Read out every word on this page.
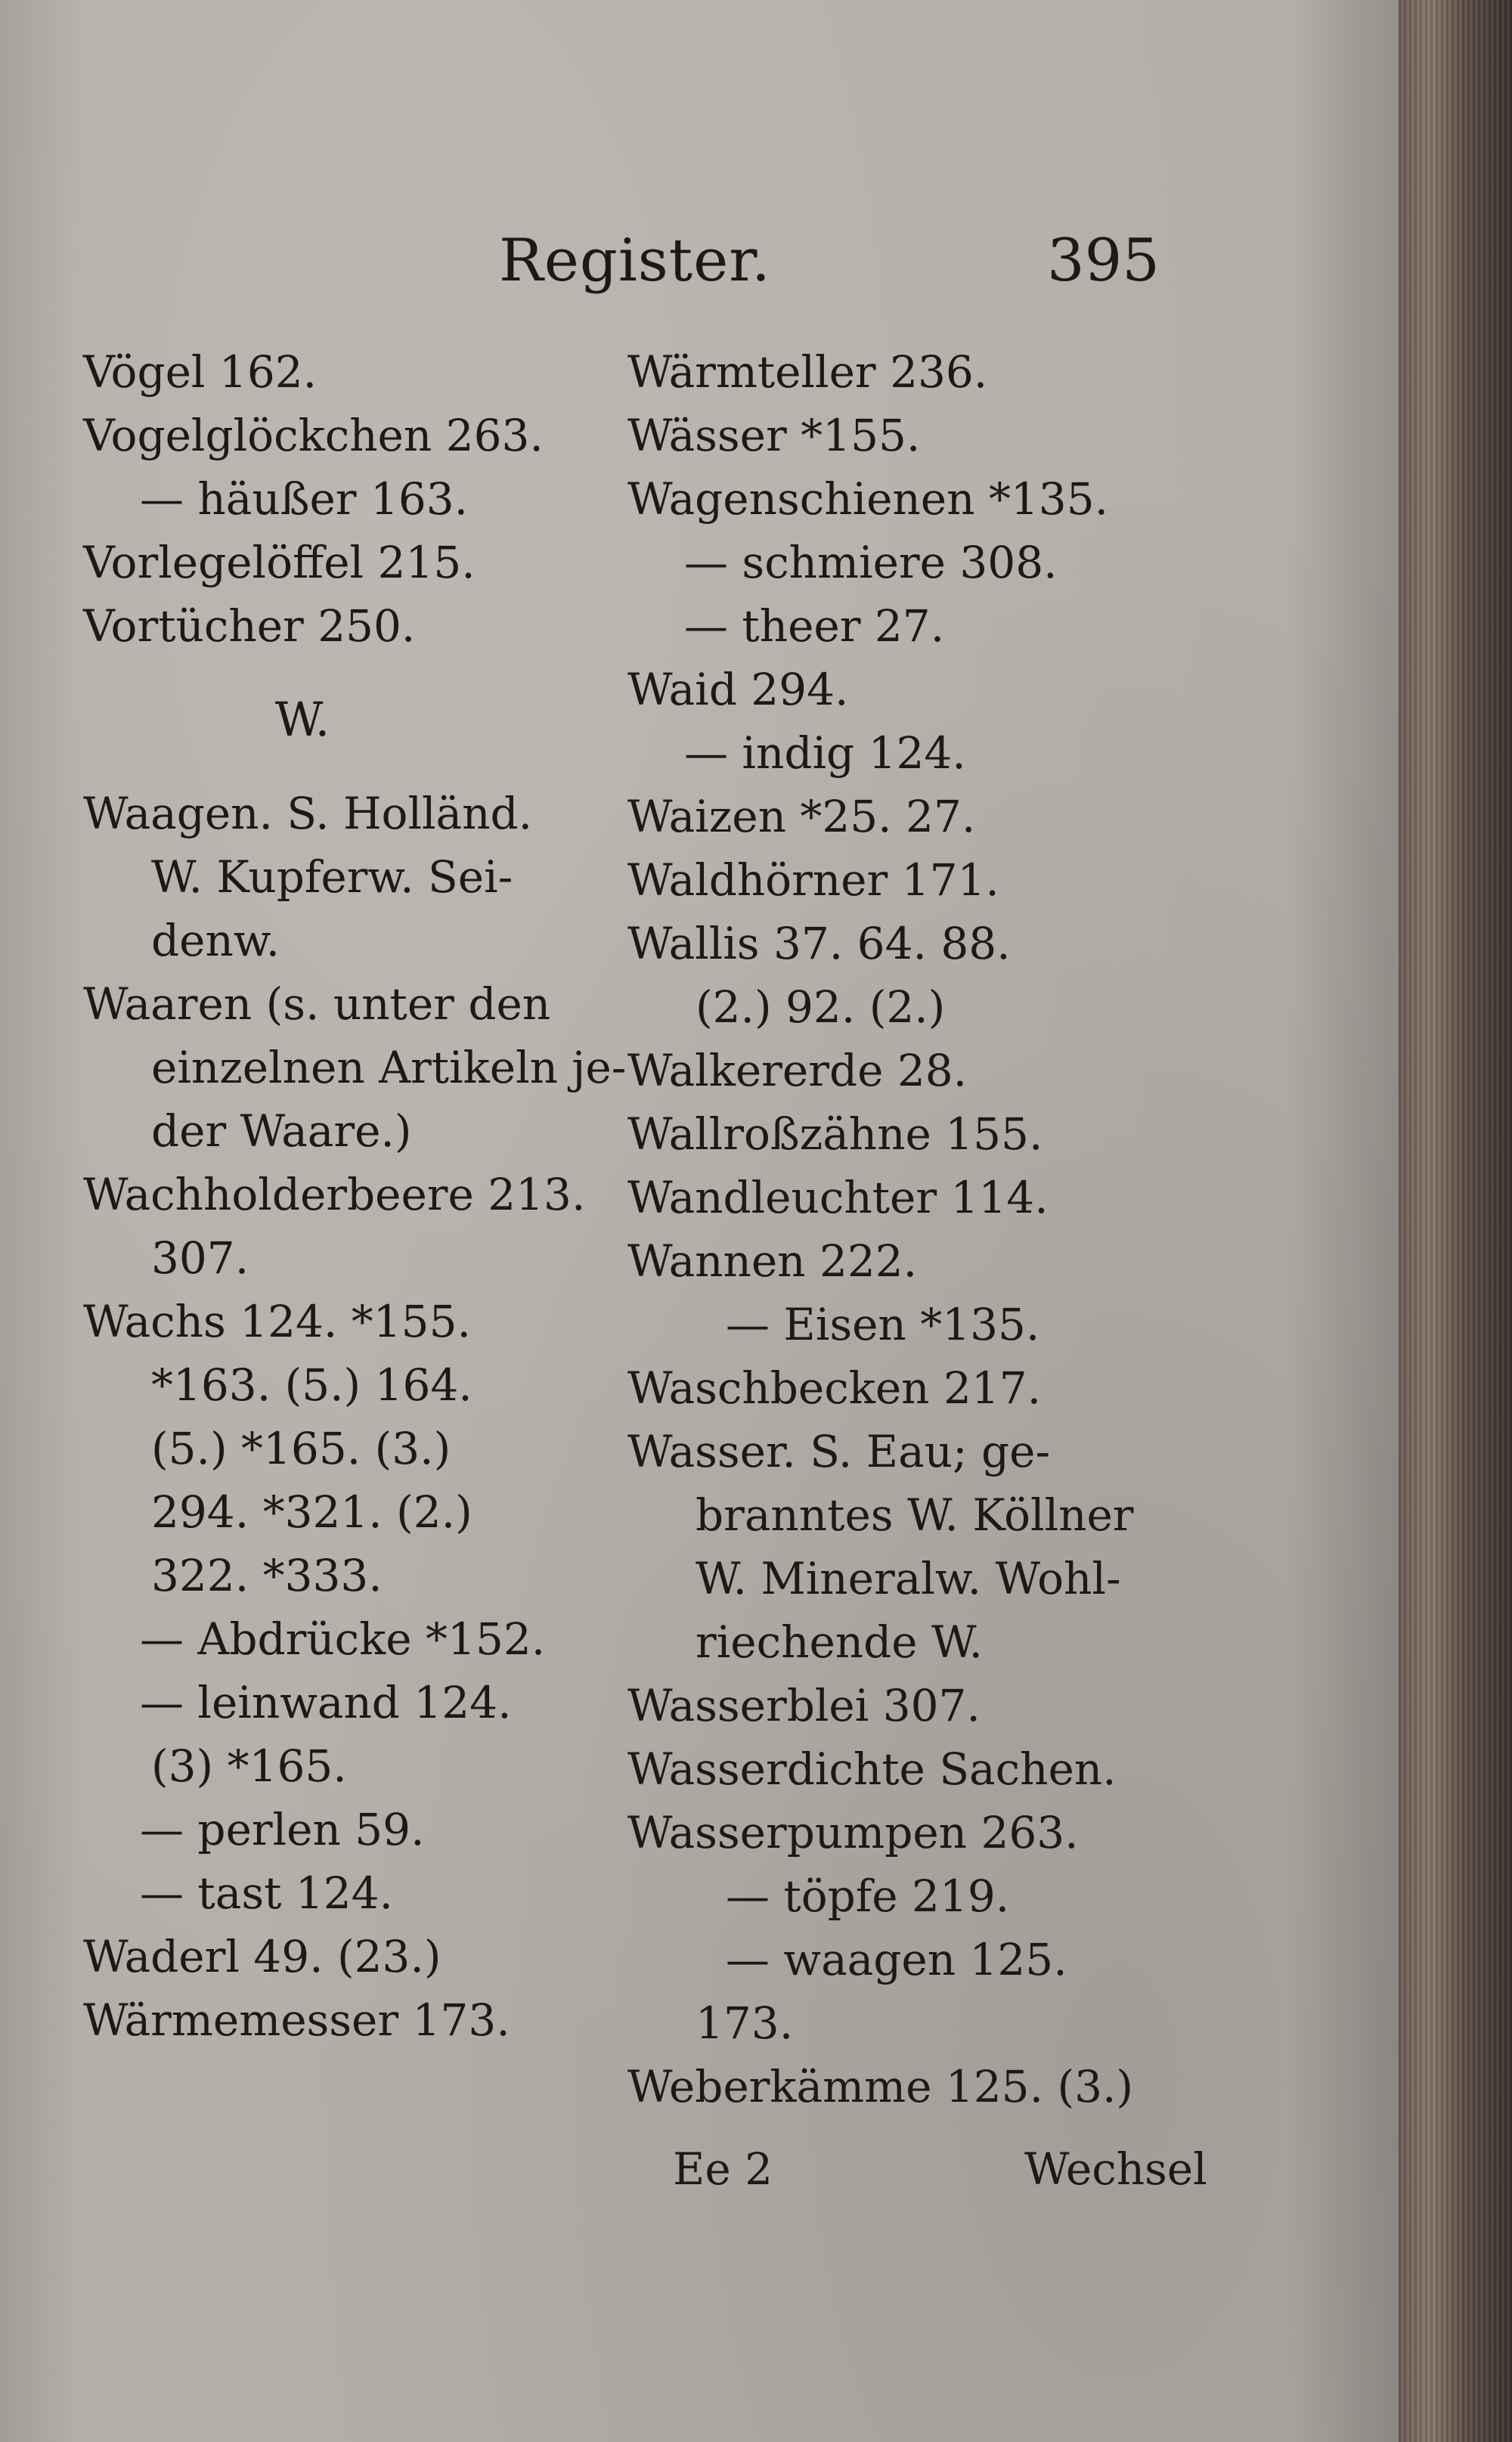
Register.	395
Vögel 162.
Vogelglöckchen 263.
— häußer 163.
Vorlegelöffel 215.
Vortücher 250.
W.
Waagen. S. Holländ.
W. Kupferw. Sei-
denw.
Waaren (s. unter den
einzelnen Artikeln je-
der Waare.)
Wachholderbeere 213.
307.
Wachs 124. *155.
*163. (5.) 164.
(5.) *165. (3.)
294. *321. (2.)
322. *333.
— Abdrücke *152.
— leinwand 124.
(3) *165.
— perlen 59.
— tast 124.
Waderl 49. (23.)
Wärmemesser 173.
Wärmteller 236.
Wässer *155.
Wagenschienen *135.
— schmiere 308.
— theer 27.
Waid 294.
— indig 124.
Waizen *25. 27.
Waldhörner 171.
Wallis 37. 64. 88.
(2.) 92. (2.)
Walkererde 28.
Wallroßzähne 155.
Wandleuchter 114.
Wannen 222.
— Eisen *135.
Waschbecken 217.
Wasser. S. Eau; ge-
branntes W. Köllner
W. Mineralw. Wohl-
riechende W.
Wasserblei 307.
Wasserdichte Sachen.
Wasserpumpen 263.
— töpfe 219.
— waagen 125.
173.
Weberkämme 125. (3.)
Ee 2	Wechsel
